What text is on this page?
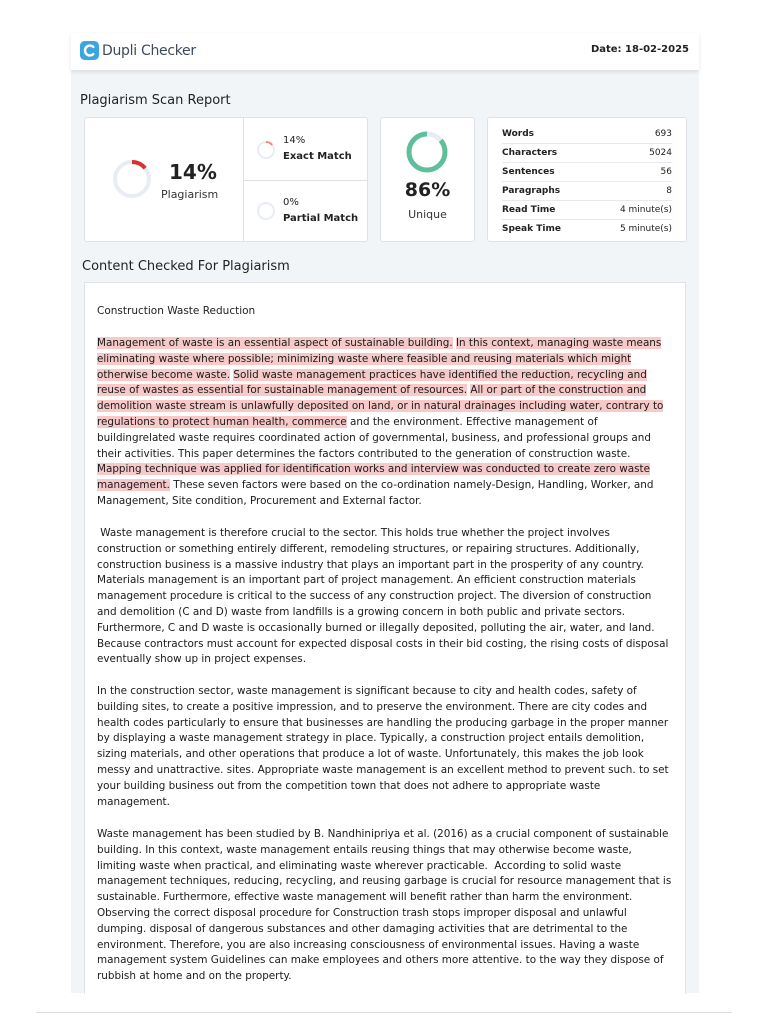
Dupli Checker	Date: 18-02-2025
Plagiarism Scan Report
14%
Plagiarism
14%
Exact Match
0%
Partial Match
86%
Unique
Words	693
Characters	5024
Sentences	56
Paragraphs	8
Read Time	4 minute(s)
Speak Time	5 minute(s)
Content Checked For Plagiarism
Construction Waste Reduction

Management of waste is an essential aspect of sustainable building. In this context, managing waste means eliminating waste where possible; minimizing waste where feasible and reusing materials which might otherwise become waste. Solid waste management practices have identified the reduction, recycling and reuse of wastes as essential for sustainable management of resources. All or part of the construction and demolition waste stream is unlawfully deposited on land, or in natural drainages including water, contrary to regulations to protect human health, commerce and the environment. Effective management of buildingrelated waste requires coordinated action of governmental, business, and professional groups and their activities. This paper determines the factors contributed to the generation of construction waste. Mapping technique was applied for identification works and interview was conducted to create zero waste management. These seven factors were based on the co-ordination namely-Design, Handling, Worker, and Management, Site condition, Procurement and External factor.

Waste management is therefore crucial to the sector. This holds true whether the project involves construction or something entirely different, remodeling structures, or repairing structures. Additionally, construction business is a massive industry that plays an important part in the prosperity of any country. Materials management is an important part of project management. An efficient construction materials management procedure is critical to the success of any construction project. The diversion of construction and demolition (C and D) waste from landfills is a growing concern in both public and private sectors. Furthermore, C and D waste is occasionally burned or illegally deposited, polluting the air, water, and land. Because contractors must account for expected disposal costs in their bid costing, the rising costs of disposal eventually show up in project expenses.

In the construction sector, waste management is significant because to city and health codes, safety of building sites, to create a positive impression, and to preserve the environment. There are city codes and health codes particularly to ensure that businesses are handling the producing garbage in the proper manner by displaying a waste management strategy in place. Typically, a construction project entails demolition, sizing materials, and other operations that produce a lot of waste. Unfortunately, this makes the job look messy and unattractive. sites. Appropriate waste management is an excellent method to prevent such. to set your building business out from the competition town that does not adhere to appropriate waste management.

Waste management has been studied by B. Nandhinipriya et al. (2016) as a crucial component of sustainable building. In this context, waste management entails reusing things that may otherwise become waste, limiting waste when practical, and eliminating waste wherever practicable.  According to solid waste management techniques, reducing, recycling, and reusing garbage is crucial for resource management that is sustainable. Furthermore, effective waste management will benefit rather than harm the environment. Observing the correct disposal procedure for Construction trash stops improper disposal and unlawful dumping. disposal of dangerous substances and other damaging activities that are detrimental to the environment. Therefore, you are also increasing consciousness of environmental issues. Having a waste management system Guidelines can make employees and others more attentive. to the way they dispose of rubbish at home and on the property.
